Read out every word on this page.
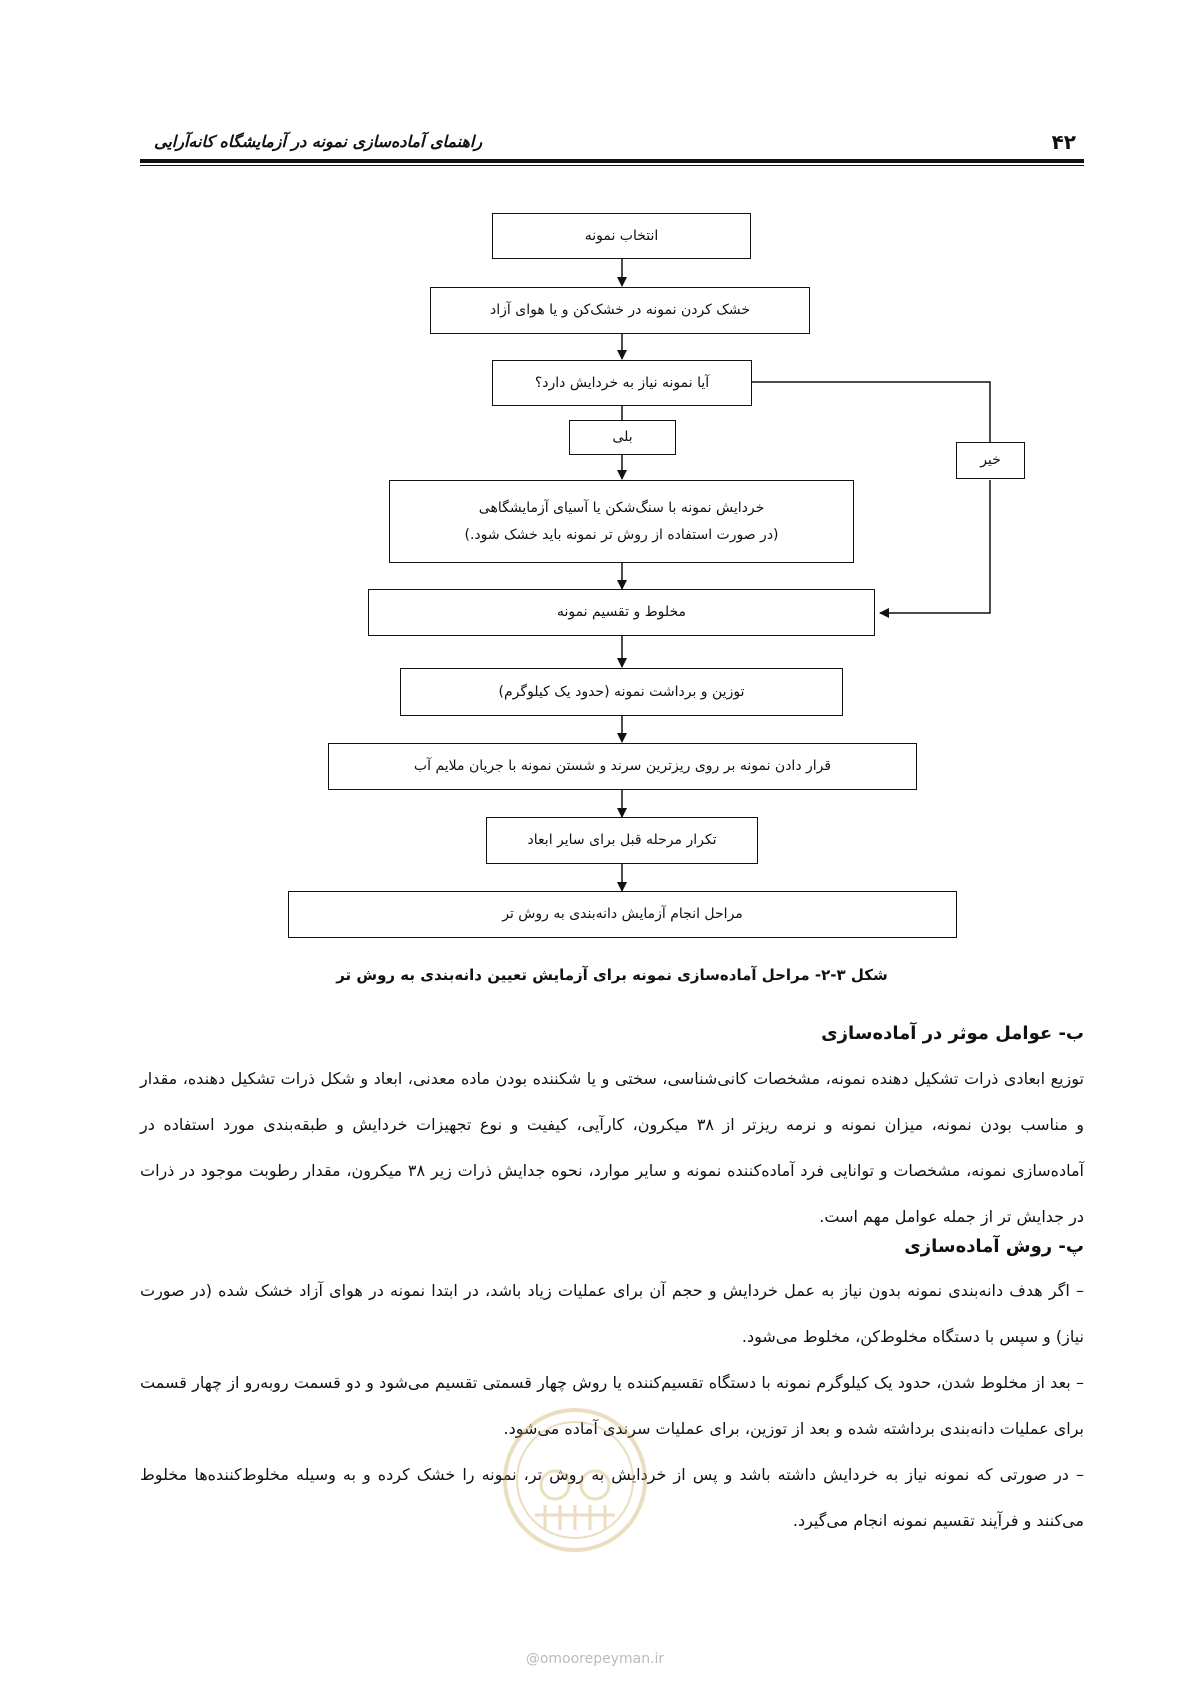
۴۲
راهنمای آماده‌سازی نمونه در آزمایشگاه کانه‌آرایی
انتخاب نمونه
خشک کردن نمونه در خشک‌کن و یا هوای آزاد
آیا نمونه نیاز به خردایش دارد؟
بلی
خیر
خردایش نمونه با سنگ‌شکن یا آسیای آزمایشگاهی
(در صورت استفاده از روش تر نمونه باید خشک شود.)
مخلوط و تقسیم نمونه
توزین و برداشت نمونه (حدود یک کیلوگرم)
قرار دادن نمونه بر روی ریزترین سرند و شستن نمونه با جریان ملایم آب
تکرار مرحله قبل برای سایر ابعاد
مراحل انجام آزمایش دانه‌بندی به روش تر
شکل ۳-۲- مراحل آماده‌سازی نمونه برای آزمایش تعیین دانه‌بندی به روش تر
ب- عوامل موثر در آماده‌سازی
توزیع ابعادی ذرات تشکیل دهنده نمونه، مشخصات کانی‌شناسی، سختی و یا شکننده بودن ماده معدنی، ابعاد و شکل ذرات تشکیل دهنده، مقدار و مناسب بودن نمونه، میزان نمونه و نرمه ریزتر از ۳۸ میکرون، کارآیی، کیفیت و نوع تجهیزات خردایش و طبقه‌بندی مورد استفاده در آماده‌سازی نمونه، مشخصات و توانایی فرد آماده‌کننده نمونه و سایر موارد، نحوه جدایش ذرات زیر ۳۸ میکرون، مقدار رطوبت موجود در ذرات در جدایش تر از جمله عوامل مهم است.
پ- روش آماده‌سازی
– اگر هدف دانه‌بندی نمونه بدون نیاز به عمل خردایش و حجم آن برای عملیات زیاد باشد، در ابتدا نمونه در هوای آزاد خشک شده (در صورت نیاز) و سپس با دستگاه مخلوط‌کن، مخلوط می‌شود.
– بعد از مخلوط شدن، حدود یک کیلوگرم نمونه با دستگاه تقسیم‌کننده یا روش چهار قسمتی تقسیم می‌شود و دو قسمت روبه‌رو از چهار قسمت برای عملیات دانه‌بندی برداشته شده و بعد از توزین، برای عملیات سرندی آماده می‌شود.
– در صورتی که نمونه نیاز به خردایش داشته باشد و پس از خردایش به روش تر، نمونه را خشک کرده و به وسیله مخلوط‌کننده‌ها مخلوط می‌کنند و فرآیند تقسیم نمونه انجام می‌گیرد.
@omoorepeyman.ir
